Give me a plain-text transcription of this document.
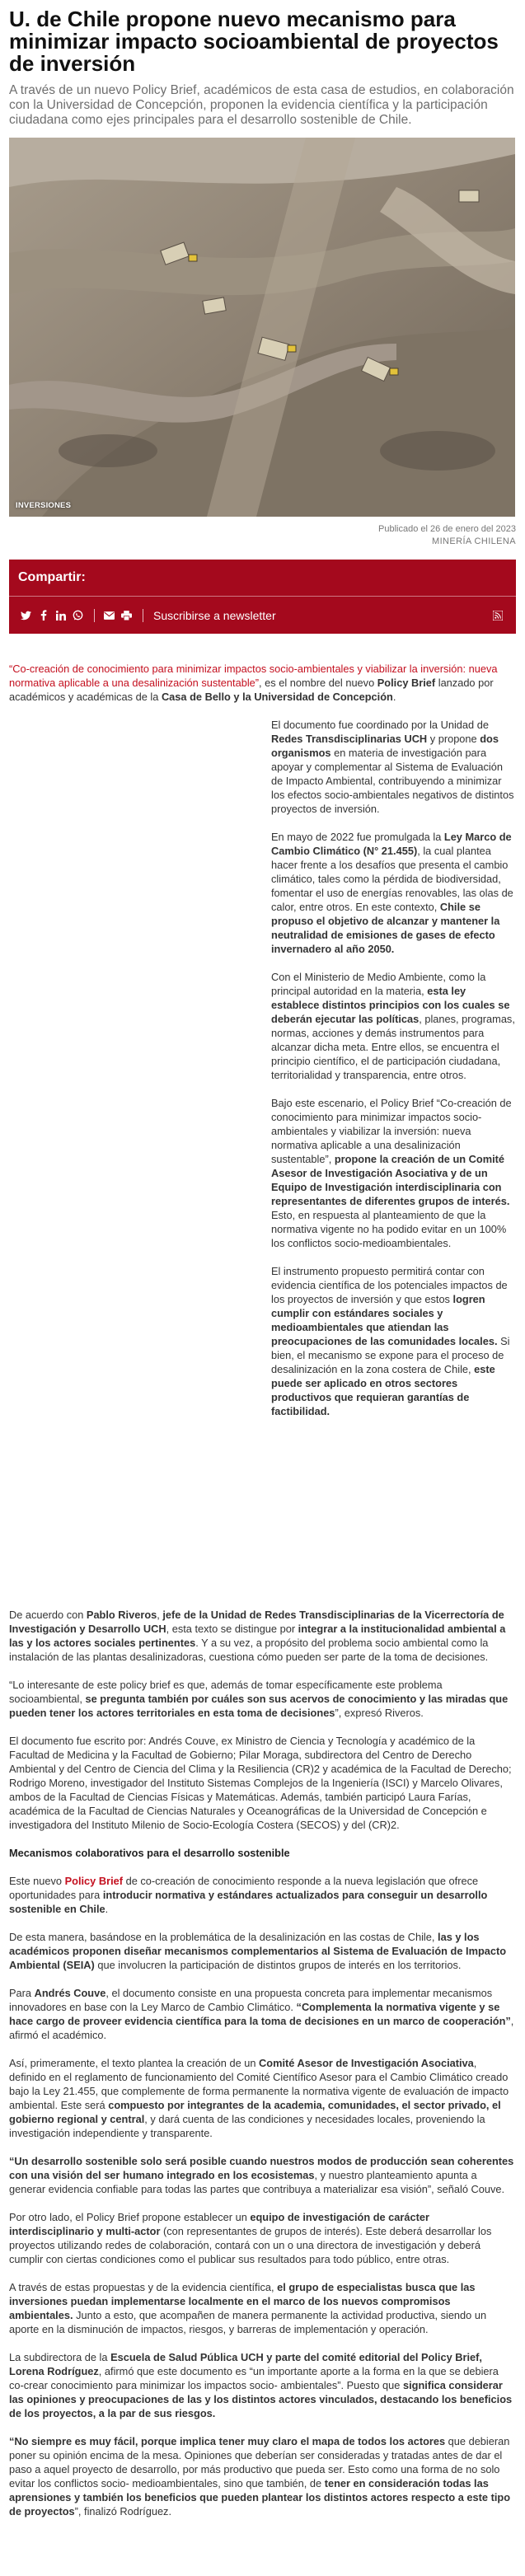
U. de Chile propone nuevo mecanismo para minimizar impacto socioambiental de proyectos de inversión

A través de un nuevo Policy Brief, académicos de esta casa de estudios, en colaboración con la Universidad de Concepción, proponen la evidencia científica y la participación ciudadana como ejes principales para el desarrollo sostenible de Chile.

INVERSIONES
Publicado el 26 de enero del 2023
MINERÍA CHILENA
Compartir:
Suscribirse a newsletter

“Co-creación de conocimiento para minimizar impactos socio-ambientales y viabilizar la inversión: nueva normativa aplicable a una desalinización sustentable”, es el nombre del nuevo Policy Brief lanzado por académicos y académicas de la Casa de Bello y la Universidad de Concepción.

El documento fue coordinado por la Unidad de Redes Transdisciplinarias UCH y propone dos organismos en materia de investigación para apoyar y complementar al Sistema de Evaluación de Impacto Ambiental, contribuyendo a minimizar los efectos socio-ambientales negativos de distintos proyectos de inversión.

En mayo de 2022 fue promulgada la Ley Marco de Cambio Climático (N° 21.455), la cual plantea hacer frente a los desafíos que presenta el cambio climático, tales como la pérdida de biodiversidad, fomentar el uso de energías renovables, las olas de calor, entre otros. En este contexto, Chile se propuso el objetivo de alcanzar y mantener la neutralidad de emisiones de gases de efecto invernadero al año 2050.

Con el Ministerio de Medio Ambiente, como la principal autoridad en la materia, esta ley establece distintos principios con los cuales se deberán ejecutar las políticas, planes, programas, normas, acciones y demás instrumentos para alcanzar dicha meta. Entre ellos, se encuentra el principio científico, el de participación ciudadana, territorialidad y transparencia, entre otros.

Bajo este escenario, el Policy Brief “Co-creación de conocimiento para minimizar impactos socio- ambientales y viabilizar la inversión: nueva normativa aplicable a una desalinización sustentable”, propone la creación de un Comité Asesor de Investigación Asociativa y de un Equipo de Investigación interdisciplinaria con representantes de diferentes grupos de interés. Esto, en respuesta al planteamiento de que la normativa vigente no ha podido evitar en un 100% los conflictos socio-medioambientales.

El instrumento propuesto permitirá contar con evidencia científica de los potenciales impactos de los proyectos de inversión y que estos logren cumplir con estándares sociales y medioambientales que atiendan las preocupaciones de las comunidades locales. Si bien, el mecanismo se expone para el proceso de desalinización en la zona costera de Chile, este puede ser aplicado en otros sectores productivos que requieran garantías de factibilidad.

De acuerdo con Pablo Riveros, jefe de la Unidad de Redes Transdisciplinarias de la Vicerrectoría de Investigación y Desarrollo UCH, esta texto se distingue por integrar a la institucionalidad ambiental a las y los actores sociales pertinentes. Y a su vez, a propósito del problema socio ambiental como la instalación de las plantas desalinizadoras, cuestiona cómo pueden ser parte de la toma de decisiones.

“Lo interesante de este policy brief es que, además de tomar específicamente este problema socioambiental, se pregunta también por cuáles son sus acervos de conocimiento y las miradas que pueden tener los actores territoriales en esta toma de decisiones”, expresó Riveros.

El documento fue escrito por: Andrés Couve, ex Ministro de Ciencia y Tecnología y académico de la Facultad de Medicina y la Facultad de Gobierno; Pilar Moraga, subdirectora del Centro de Derecho Ambiental y del Centro de Ciencia del Clima y la Resiliencia (CR)2 y académica de la Facultad de Derecho; Rodrigo Moreno, investigador del Instituto Sistemas Complejos de la Ingeniería (ISCI) y Marcelo Olivares, ambos de la Facultad de Ciencias Físicas y Matemáticas. Además, también participó Laura Farías, académica de la Facultad de Ciencias Naturales y Oceanográficas de la Universidad de Concepción e investigadora del Instituto Milenio de Socio-Ecología Costera (SECOS) y del (CR)2.

Mecanismos colaborativos para el desarrollo sostenible

Este nuevo Policy Brief de co-creación de conocimiento responde a la nueva legislación que ofrece oportunidades para introducir normativa y estándares actualizados para conseguir un desarrollo sostenible en Chile.

De esta manera, basándose en la problemática de la desalinización en las costas de Chile, las y los académicos proponen diseñar mecanismos complementarios al Sistema de Evaluación de Impacto Ambiental (SEIA) que involucren la participación de distintos grupos de interés en los territorios.

Para Andrés Couve, el documento consiste en una propuesta concreta para implementar mecanismos innovadores en base con la Ley Marco de Cambio Climático. “Complementa la normativa vigente y se hace cargo de proveer evidencia científica para la toma de decisiones en un marco de cooperación”, afirmó el académico.

Así, primeramente, el texto plantea la creación de un Comité Asesor de Investigación Asociativa, definido en el reglamento de funcionamiento del Comité Científico Asesor para el Cambio Climático creado bajo la Ley 21.455, que complemente de forma permanente la normativa vigente de evaluación de impacto ambiental. Este será compuesto por integrantes de la academia, comunidades, el sector privado, el gobierno regional y central, y dará cuenta de las condiciones y necesidades locales, proveniendo la investigación independiente y transparente.

“Un desarrollo sostenible solo será posible cuando nuestros modos de producción sean coherentes con una visión del ser humano integrado en los ecosistemas, y nuestro planteamiento apunta a generar evidencia confiable para todas las partes que contribuya a materializar esa visión”, señaló Couve.

Por otro lado, el Policy Brief propone establecer un equipo de investigación de carácter interdisciplinario y multi-actor (con representantes de grupos de interés). Este deberá desarrollar los proyectos utilizando redes de colaboración, contará con un o una directora de investigación y deberá cumplir con ciertas condiciones como el publicar sus resultados para todo público, entre otras.

A través de estas propuestas y de la evidencia científica, el grupo de especialistas busca que las inversiones puedan implementarse localmente en el marco de los nuevos compromisos ambientales. Junto a esto, que acompañen de manera permanente la actividad productiva, siendo un aporte en la disminución de impactos, riesgos, y barreras de implementación y operación.

La subdirectora de la Escuela de Salud Pública UCH y parte del comité editorial del Policy Brief, Lorena Rodríguez, afirmó que este documento es “un importante aporte a la forma en la que se debiera co-crear conocimiento para minimizar los impactos socio- ambientales”. Puesto que significa considerar las opiniones y preocupaciones de las y los distintos actores vinculados, destacando los beneficios de los proyectos, a la par de sus riesgos.

“No siempre es muy fácil, porque implica tener muy claro el mapa de todos los actores que debieran poner su opinión encima de la mesa. Opiniones que deberían ser consideradas y tratadas antes de dar el paso a aquel proyecto de desarrollo, por más productivo que pueda ser. Esto como una forma de no solo evitar los conflictos socio- medioambientales, sino que también, de tener en consideración todas las aprensiones y también los beneficios que pueden plantear los distintos actores respecto a este tipo de proyectos”, finalizó Rodríguez.
